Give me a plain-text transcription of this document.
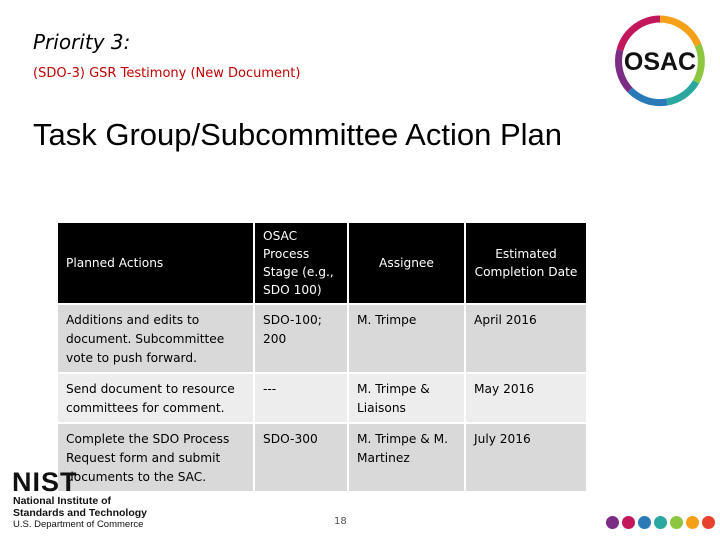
Priority 3:
(SDO-3) GSR Testimony (New Document)
Task Group/Subcommittee Action Plan
OSAC
Planned Actions	OSAC Process Stage (e.g., SDO 100)	Assignee	Estimated Completion Date
Additions and edits to document. Subcommittee vote to push forward.	SDO-100; 200	M. Trimpe	April 2016
Send document to resource committees for comment.	---	M. Trimpe & Liaisons	May 2016
Complete the SDO Process Request form and submit documents to the SAC.	SDO-300	M. Trimpe & M. Martinez	July 2016
NIST
National Institute of
Standards and Technology
U.S. Department of Commerce	18
